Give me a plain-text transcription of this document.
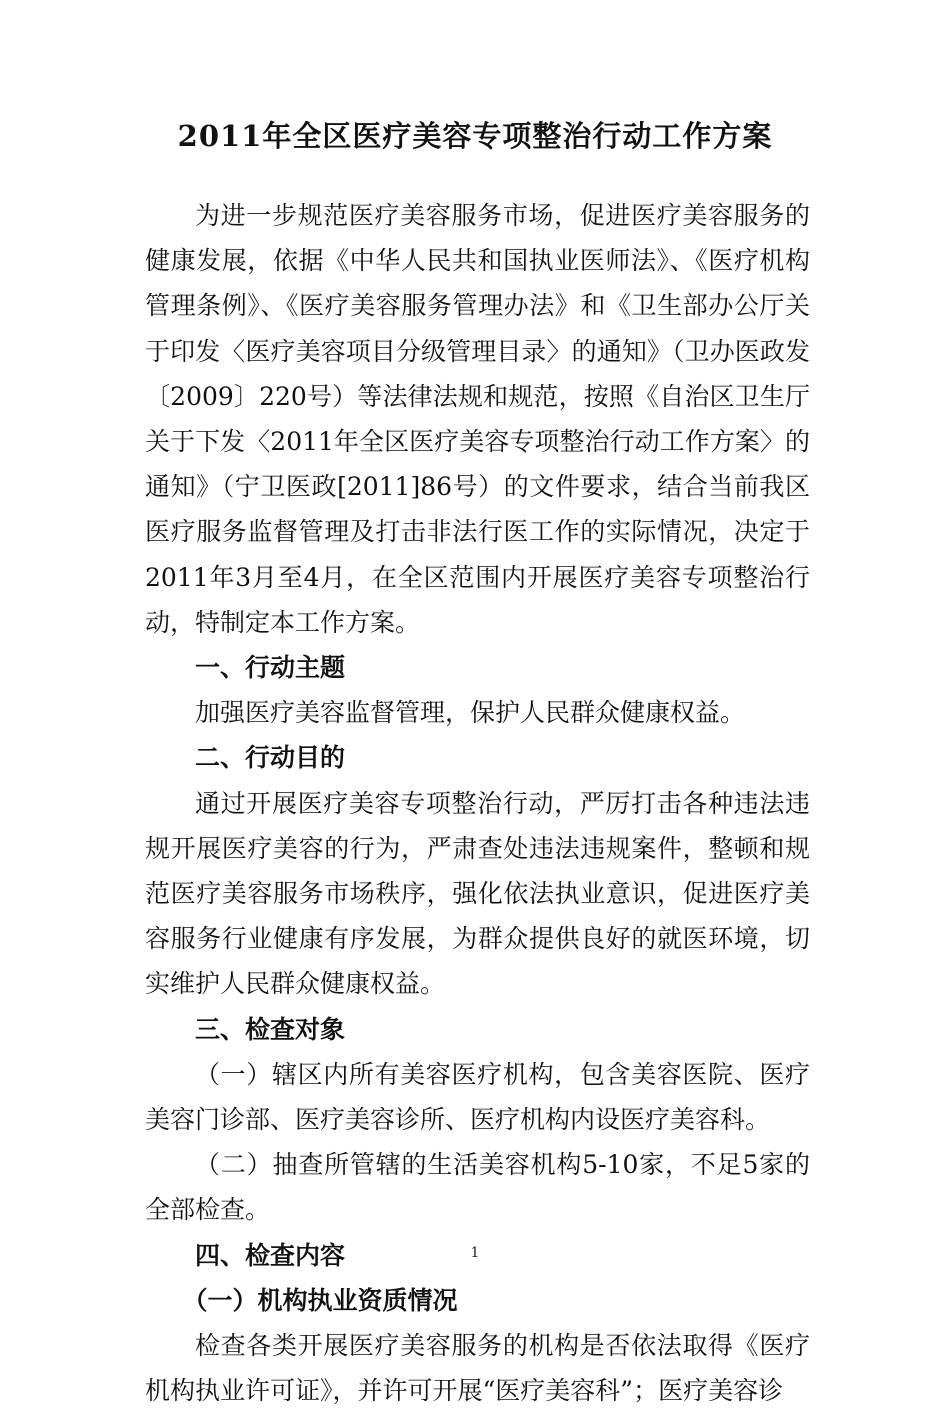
2011年全区医疗美容专项整治行动工作方案

为进一步规范医疗美容服务市场，促进医疗美容服务的健康发展，依据《中华人民共和国执业医师法》、《医疗机构管理条例》、《医疗美容服务管理办法》和《卫生部办公厅关于印发〈医疗美容项目分级管理目录〉的通知》（卫办医政发〔2009〕220号）等法律法规和规范，按照《自治区卫生厅关于下发〈2011年全区医疗美容专项整治行动工作方案〉的通知》（宁卫医政[2011]86号）的文件要求，结合当前我区医疗服务监督管理及打击非法行医工作的实际情况，决定于2011年3月至4月，在全区范围内开展医疗美容专项整治行动，特制定本工作方案。

一、行动主题

加强医疗美容监督管理，保护人民群众健康权益。

二、行动目的

通过开展医疗美容专项整治行动，严厉打击各种违法违规开展医疗美容的行为，严肃查处违法违规案件，整顿和规范医疗美容服务市场秩序，强化依法执业意识，促进医疗美容服务行业健康有序发展，为群众提供良好的就医环境，切实维护人民群众健康权益。

三、检查对象

（一）辖区内所有美容医疗机构，包含美容医院、医疗美容门诊部、医疗美容诊所、医疗机构内设医疗美容科。

（二）抽查所管辖的生活美容机构5-10家，不足5家的全部检查。

四、检查内容

（一）机构执业资质情况

检查各类开展医疗美容服务的机构是否依法取得《医疗机构执业许可证》，并许可开展“医疗美容科”；医疗美容诊

1
